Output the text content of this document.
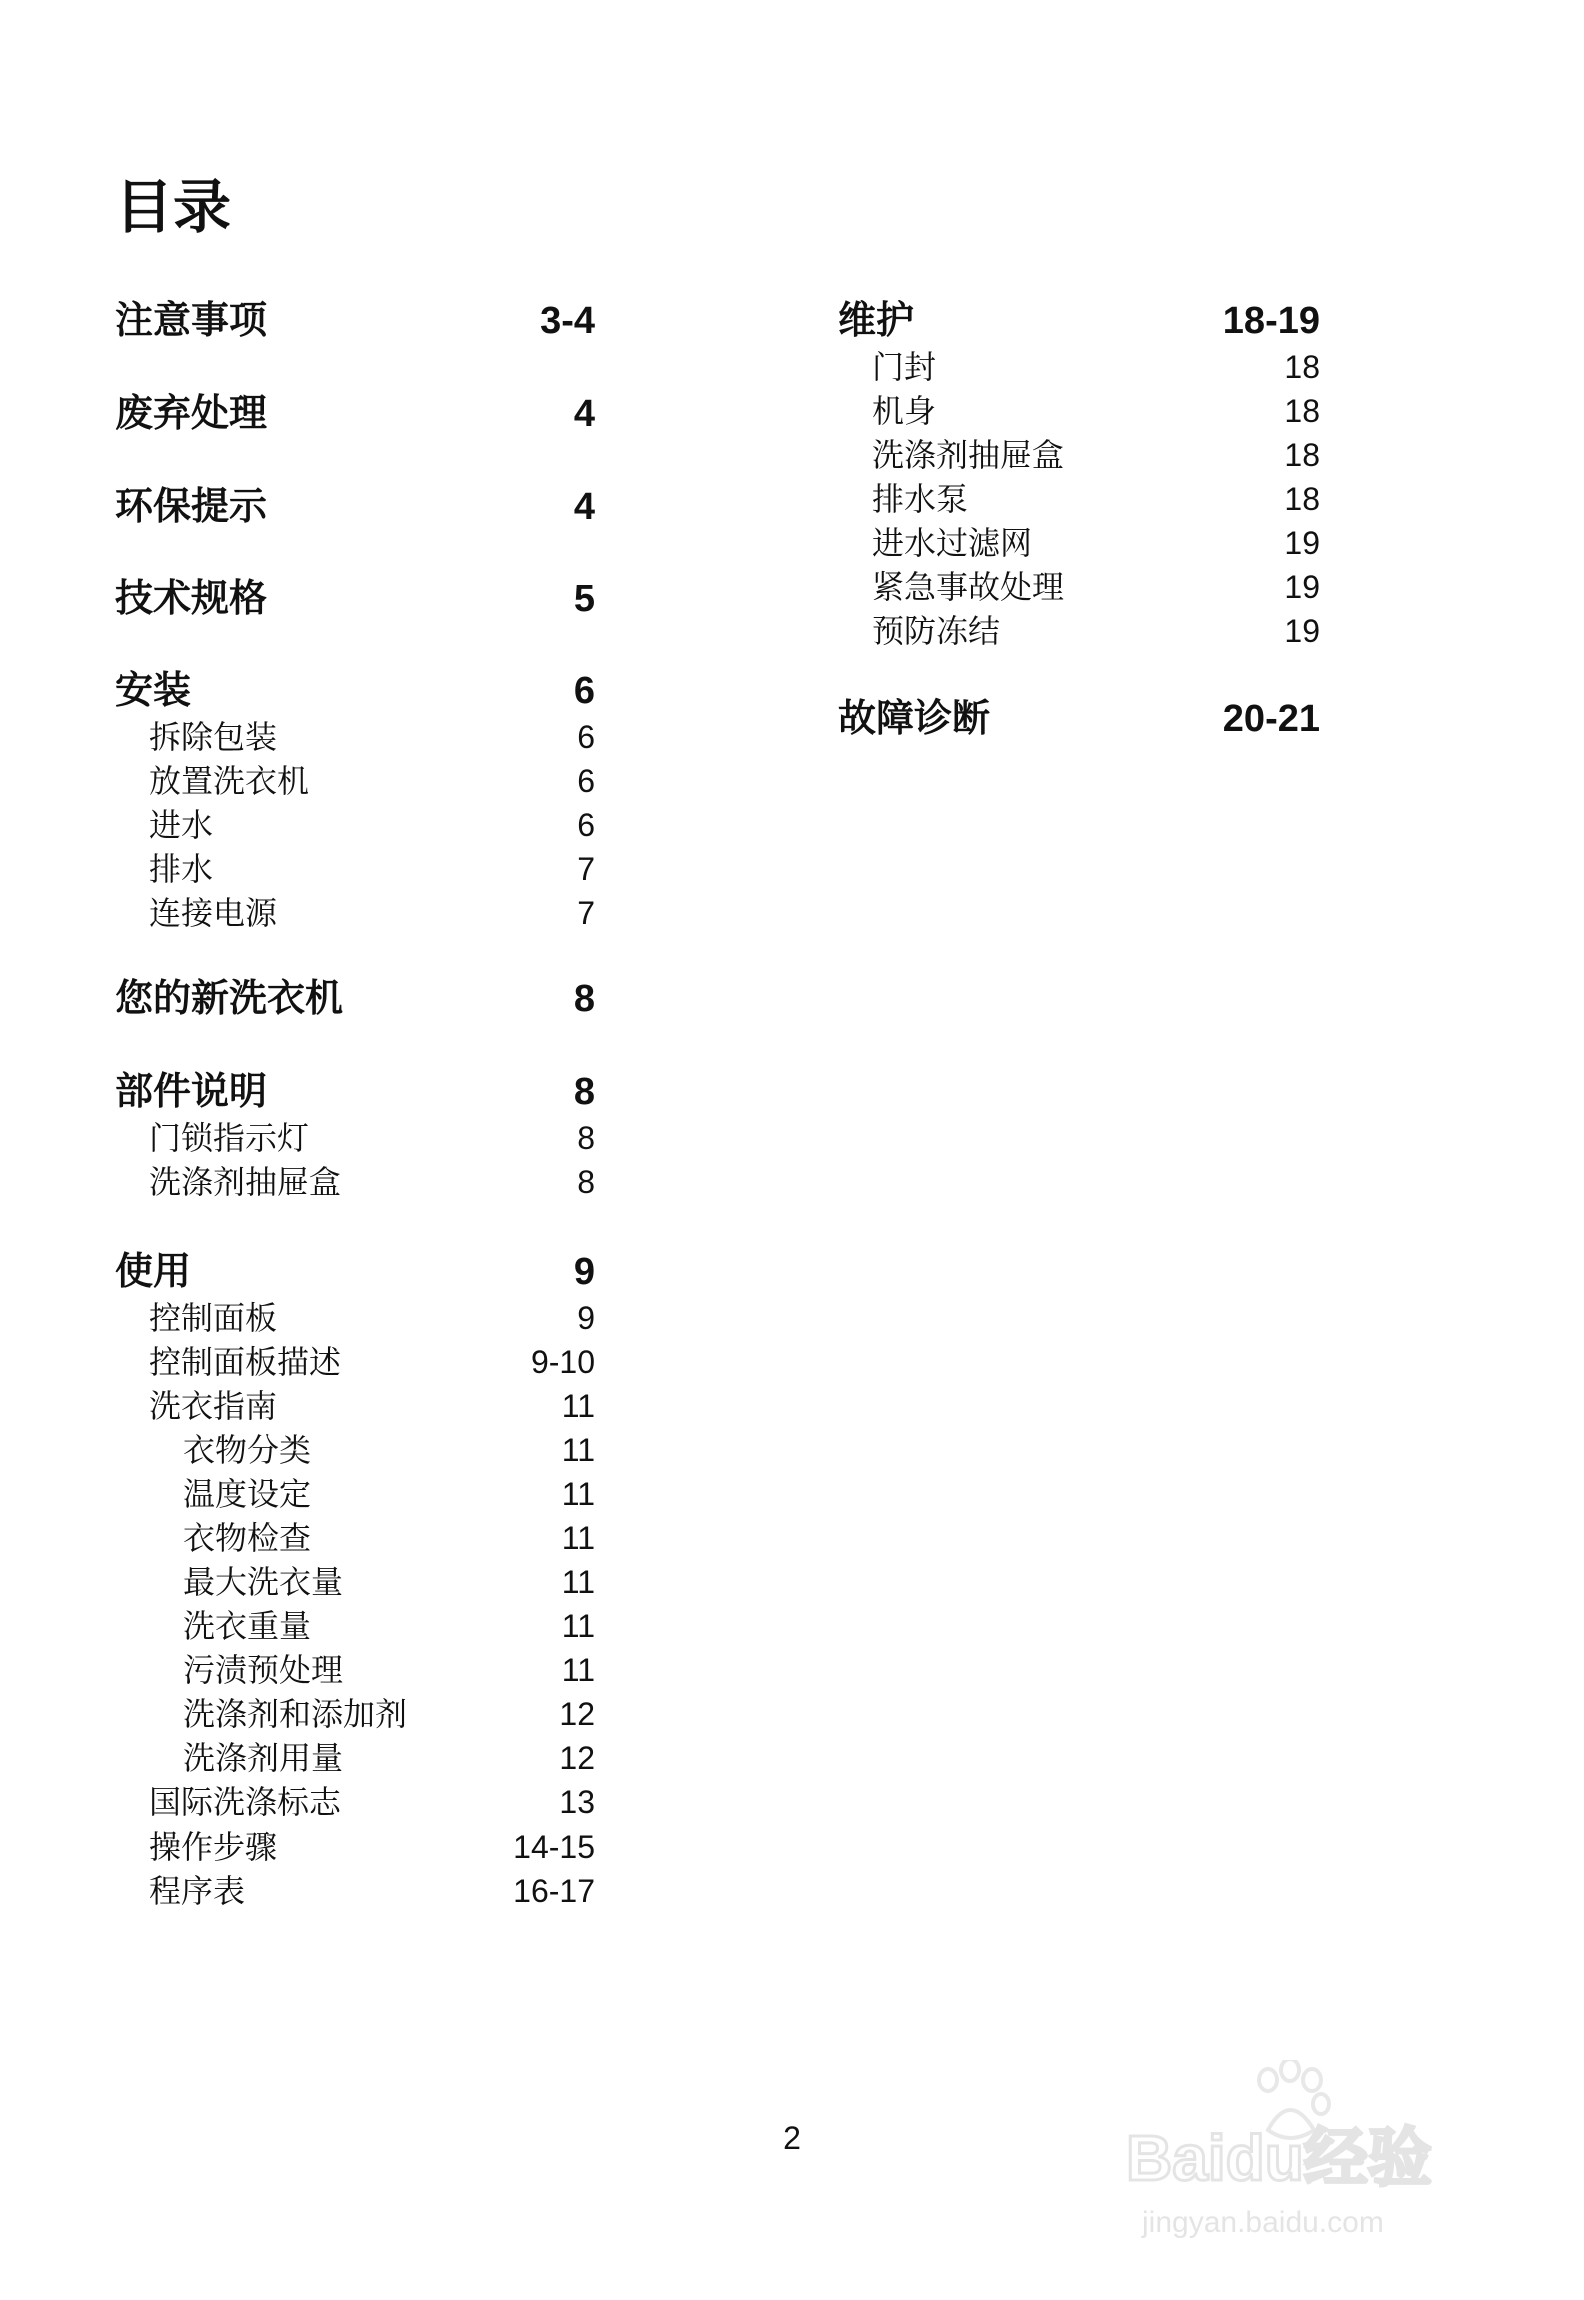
目录
注意事项	3-4
废弃处理	4
环保提示	4
技术规格	5
安装	6
拆除包装	6
放置洗衣机	6
进水	6
排水	7
连接电源	7
您的新洗衣机	8
部件说明	8
门锁指示灯	8
洗涤剂抽屉盒	8
使用	9
控制面板	9
控制面板描述	9-10
洗衣指南	11
衣物分类	11
温度设定	11
衣物检查	11
最大洗衣量	11
洗衣重量	11
污渍预处理	11
洗涤剂和添加剂	12
洗涤剂用量	12
国际洗涤标志	13
操作步骤	14-15
程序表	16-17
维护	18-19
门封	18
机身	18
洗涤剂抽屉盒	18
排水泵	18
进水过滤网	19
紧急事故处理	19
预防冻结	19
故障诊断	20-21
2	Baidu经验
jingyan.baidu.com
